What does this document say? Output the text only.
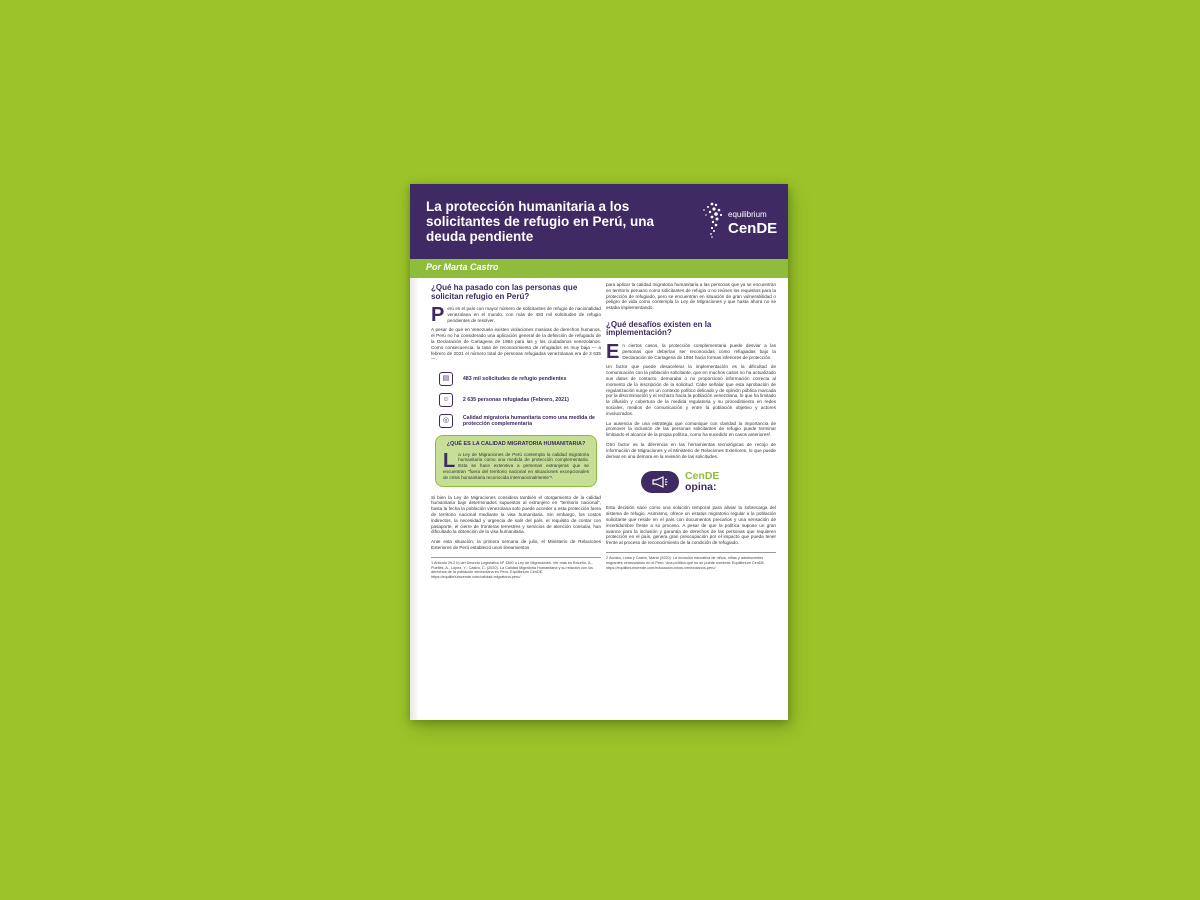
La protección humanitaria a los solicitantes de refugio en Perú, una deuda pendiente
equilibrium
CenDE
Por Marta Castro
¿Qué ha pasado con las personas que solicitan refugio en Perú?
P erú es el país con mayor número de solicitantes de refugio de nacionalidad venezolana en el mundo, con más de 483 mil solicitudes de refugio pendientes de resolver.
A pesar de que en Venezuela existen violaciones masivas de derechos humanos, el Perú no ha considerado una aplicación general de la definición de refugiado de la Declaración de Cartagena de 1984 para las y los ciudadanos venezolanos. Como consecuencia, la tasa de reconocimiento de refugiados es muy baja — a febrero de 2021 el número total de personas refugiadas venezolanas era de 2 635—.
▤	483 mil solicitudes de refugio pendientes
☺	2 635 personas refugiadas (Febrero, 2021)
◎	Calidad migratoria humanitaria como una medida de protección complementaria
¿QUÉ ES LA CALIDAD MIGRATORIA HUMANITARIA?
L a Ley de Migraciones de Perú contempla la calidad migratoria humanitaria como una medida de protección complementaria. Esta se hace extensiva a personas extranjeras que se encuentran "fuera del territorio nacional en situaciones excepcionales de crisis humanitaria reconocida internacionalmente"¹.
Si bien la Ley de Migraciones considera también el otorgamiento de la calidad humanitaria bajo determinados supuestos al extranjero en "territorio nacional", hasta la fecha la población venezolana solo puede acceder a esta protección fuera de territorio nacional mediante la visa humanitaria. Sin embargo, los costos indirectos, la necesidad y urgencia de salir del país, el requisito de contar con pasaporte, el cierre de fronteras terrestres y servicios de atención consular, han dificultado la obtención de la visa humanitaria.
Ante esta situación, la primera semana de julio, el Ministerio de Relaciones Exteriores de Perú estableció unos lineamientos
1 Artículo 29.2 k) del Decreto Legislativo Nº 1350 o Ley de Migraciones. Ver más en Briceño, A., Puelles, A., López, Y., Castro, C. (2020). La Calidad Migratoria Humanitaria y su relación con los derechos de la población venezolana en Perú. Equilibrium CenDE. https://equilibriumcende.com/calidad-migratoria-peru/
para aplicar la calidad migratoria humanitaria a las personas que ya se encuentran en territorio peruano como solicitantes de refugio o no reúnen los requisitos para la protección de refugiado, pero se encuentran en situación de gran vulnerabilidad o peligro de vida como contempla la Ley de Migraciones y que hasta ahora no se estaba implementando.
¿Qué desafíos existen en la implementación?
E n ciertos casos, la protección complementaria puede desviar a las personas que deberían ser reconocidas como refugiadas bajo la Declaración de Cartagena de 1984 hacia formas inferiores de protección.
Un factor que puede desacelerar la implementación es la dificultad de comunicación con la población solicitante, que en muchos casos no ha actualizado sus datos de contacto, demoraba o no proporcionó información correcta al momento de la inscripción de la solicitud. Cabe señalar que esta aprobación de regularización surge en un contexto político delicado y de opinión pública marcada por la discriminación y el rechazo hacia la población venezolana, lo que ha limitado la difusión y cobertura de la medida regulatoria y su procedimiento en redes sociales, medios de comunicación y entre la población objetivo y actores involucrados.
La ausencia de una estrategia que comunique con claridad la importancia de promover la inclusión de las personas solicitantes de refugio puede terminar limitando el alcance de la propia política, como ha sucedido en casos anteriores².
Otro factor es la diferencia en las herramientas tecnológicas de recojo de información de Migraciones y el Ministerio de Relaciones Exteriores, lo que puede derivar en una demora en la revisión de las solicitudes.
CenDE
opina:
Esta decisión nace como una solución temporal para aliviar la sobrecarga del sistema de refugio. Asimismo, ofrece un estatus migratorio regular a la población solicitante que reside en el país con documentos precarios y una sensación de incertidumbre frente a su proceso. A pesar de que la política supone un gran avance para la inclusión y garantía de derechos de las personas que requieren protección en el país, genera gran preocupación por el impacto que pueda tener frente al proceso de reconocimiento de la condición de refugiado.
2 Acosta, Luisa y Castro, Marta (2020). La inclusión educativa de niños, niñas y adolescentes migrantes venezolanos en el Perú: Una política que no se puede nombrar. Equilibrium CenDE. https://equilibriumcende.com/educacion-ninos-venezolanos-peru/
